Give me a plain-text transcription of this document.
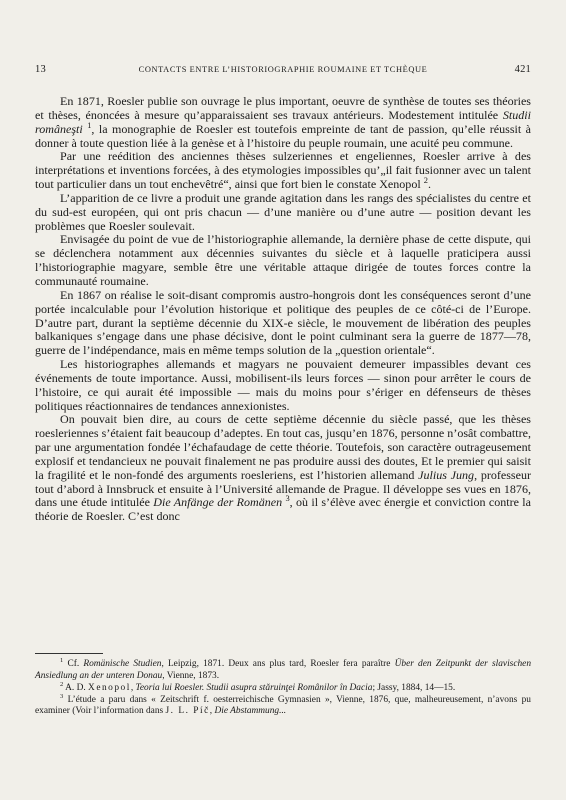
13	CONTACTS ENTRE L’HISTORIOGRAPHIE ROUMAINE ET TCHÈQUE	421

En 1871, Roesler publie son ouvrage le plus important, oeuvre de synthèse de toutes ses théories et thèses, énoncées à mesure qu’apparaissaient ses travaux antérieurs. Modestement intitulée Studii româneşti $^1$, la monographie de Roesler est toutefois empreinte de tant de passion, qu’elle réussit à donner à toute question liée à la genèse et à l’histoire du peuple roumain, une acuité peu commune.

Par une reédition des anciennes thèses sulzeriennes et engeliennes, Roesler arrive à des interprétations et inventions forcées, à des etymologies impossibles qu’„il fait fusionner avec un talent tout particulier dans un tout enchevêtré“, ainsi que fort bien le constate Xenopol $^2$.

L’apparition de ce livre a produit une grande agitation dans les rangs des spécialistes du centre et du sud-est européen, qui ont pris chacun — d’une manière ou d’une autre — position devant les problèmes que Roesler soulevait.

Envisagée du point de vue de l’historiographie allemande, la dernière phase de cette dispute, qui se déclenchera notamment aux décennies suivantes du siècle et à laquelle praticipera aussi l’historiographie magyare, semble être une véritable attaque dirigée de toutes forces contre la communauté roumaine.

En 1867 on réalise le soit-disant compromis austro-hongrois dont les conséquences seront d’une portée incalculable pour l’évolution historique et politique des peuples de ce côté-ci de l’Europe. D’autre part, durant la septième décennie du XIX-e siècle, le mouvement de libération des peuples balkaniques s’engage dans une phase décisive, dont le point culminant sera la guerre de 1877—78, guerre de l’indépendance, mais en même temps solution de la „question orientale“.

Les historiographes allemands et magyars ne pouvaient demeurer impassibles devant ces événements de toute importance. Aussi, mobilisent-ils leurs forces — sinon pour arrêter le cours de l’histoire, ce qui aurait été impossible — mais du moins pour s’ériger en défenseurs de thèses politiques réactionnaires de tendances annexionistes.

On pouvait bien dire, au cours de cette septième décennie du siècle passé, que les thèses roesleriennes s’étaient fait beaucoup d’adeptes. En tout cas, jusqu’en 1876, personne n’osât combattre, par une argumentation fondée l’échafaudage de cette théorie. Toutefois, son caractère outrageusement explosif et tendancieux ne pouvait finalement ne pas produire aussi des doutes, Et le premier qui saisit la fragilité et le non-fondé des arguments roesleriens, est l’historien allemand Julius Jung, professeur tout d’abord à Innsbruck et ensuite à l’Université allemande de Prague. Il développe ses vues en 1876, dans une étude intitulée Die Anfänge der Romänen $^3$, où il s’élève avec énergie et conviction contre la théorie de Roesler. C’est donc

$^1$ Cf. Romänische Studien, Leipzig, 1871. Deux ans plus tard, Roesler fera paraître Über den Zeitpunkt der slavischen Ansiedlung an der unteren Donau, Vienne, 1873.

$^2$ A. D. Xenopol, Teoria lui Roesler. Studii asupra stăruinţei Românilor în Dacia; Jassy, 1884, 14—15.

$^3$ L’étude a paru dans « Zeitschrift f. oesterreichische Gymnasien », Vienne, 1876, que, malheureusement, n’avons pu examiner (Voir l’information dans J. L. Píč, Die Abstammung...
